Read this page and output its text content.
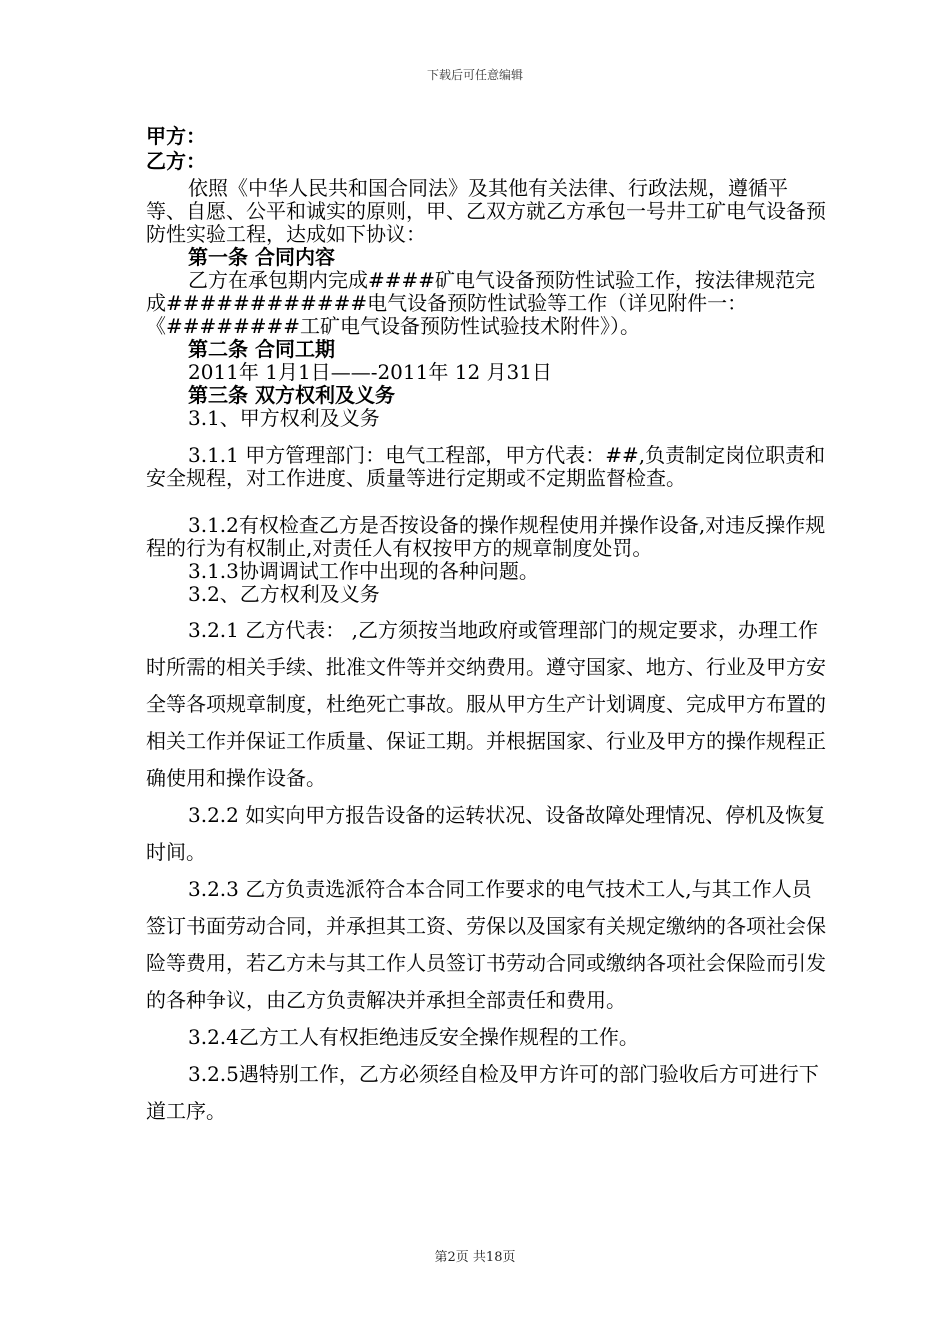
下载后可任意编辑
甲方：
乙方：

依照《中华人民共和国合同法》及其他有关法律、行政法规，遵循平等、自愿、公平和诚实的原则，甲、乙双方就乙方承包一号井工矿电气设备预防性实验工程，达成如下协议：

第一条 合同内容

乙方在承包期内完成####矿电气设备预防性试验工作，按法律规范完成############电气设备预防性试验等工作（详见附件一：《########工矿电气设备预防性试验技术附件》）。

第二条 合同工期

2011年 1月1日——-2011年 12 月31日

第三条 双方权利及义务

3.1、甲方权利及义务

3.1.1 甲方管理部门：电气工程部，甲方代表：##,负责制定岗位职责和安全规程，对工作进度、质量等进行定期或不定期监督检查。

3.1.2有权检查乙方是否按设备的操作规程使用并操作设备,对违反操作规程的行为有权制止,对责任人有权按甲方的规章制度处罚。

3.1.3协调调试工作中出现的各种问题。

3.2、乙方权利及义务

3.2.1 乙方代表： ,乙方须按当地政府或管理部门的规定要求，办理工作时所需的相关手续、批准文件等并交纳费用。遵守国家、地方、行业及甲方安全等各项规章制度，杜绝死亡事故。服从甲方生产计划调度、完成甲方布置的相关工作并保证工作质量、保证工期。并根据国家、行业及甲方的操作规程正确使用和操作设备。

3.2.2 如实向甲方报告设备的运转状况、设备故障处理情况、停机及恢复时间。

3.2.3 乙方负责选派符合本合同工作要求的电气技术工人,与其工作人员签订书面劳动合同，并承担其工资、劳保以及国家有关规定缴纳的各项社会保险等费用，若乙方未与其工作人员签订书劳动合同或缴纳各项社会保险而引发的各种争议，由乙方负责解决并承担全部责任和费用。

3.2.4乙方工人有权拒绝违反安全操作规程的工作。

3.2.5遇特别工作，乙方必须经自检及甲方许可的部门验收后方可进行下道工序。

第2页 共18页
